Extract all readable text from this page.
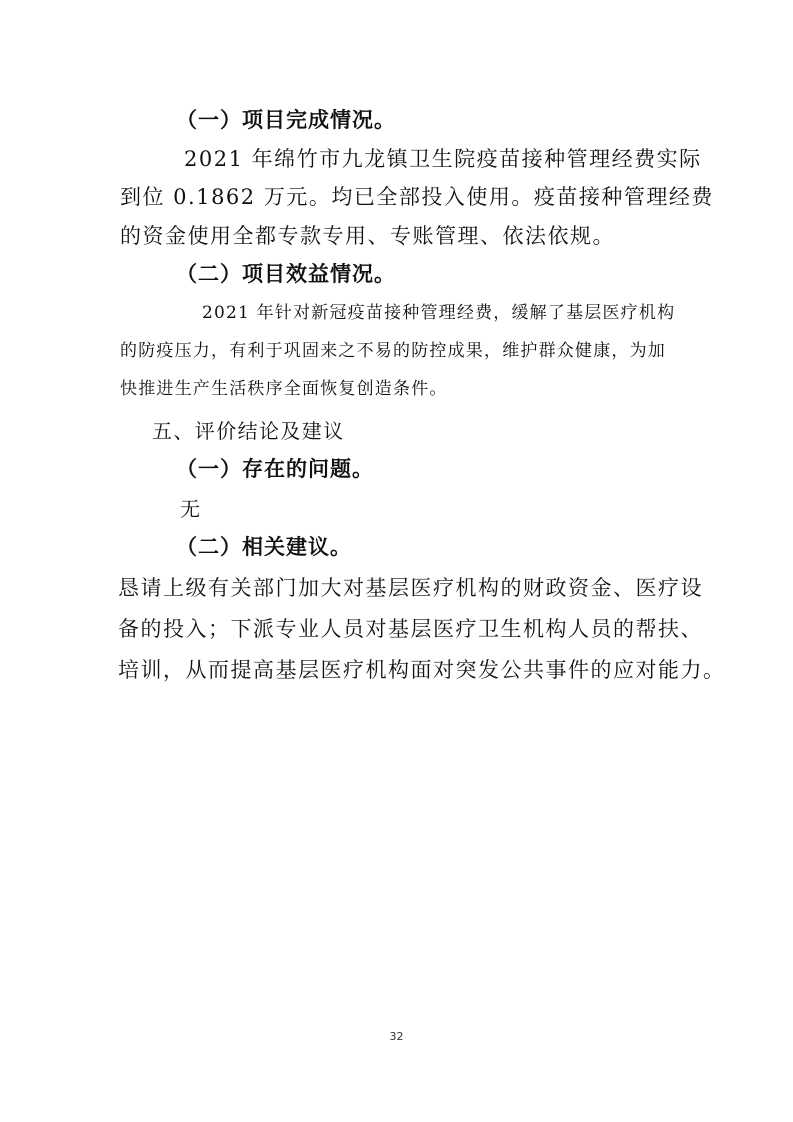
（一）项目完成情况。
2021 年绵竹市九龙镇卫生院疫苗接种管理经费实际
到位 0.1862 万元。均已全部投入使用。疫苗接种管理经费
的资金使用全都专款专用、专账管理、依法依规。
（二）项目效益情况。
2021 年针对新冠疫苗接种管理经费，缓解了基层医疗机构
的防疫压力，有利于巩固来之不易的防控成果，维护群众健康，为加
快推进生产生活秩序全面恢复创造条件。
五、评价结论及建议
（一）存在的问题。
无
（二）相关建议。
恳请上级有关部门加大对基层医疗机构的财政资金、医疗设
备的投入；下派专业人员对基层医疗卫生机构人员的帮扶、
培训，从而提高基层医疗机构面对突发公共事件的应对能力。
32
